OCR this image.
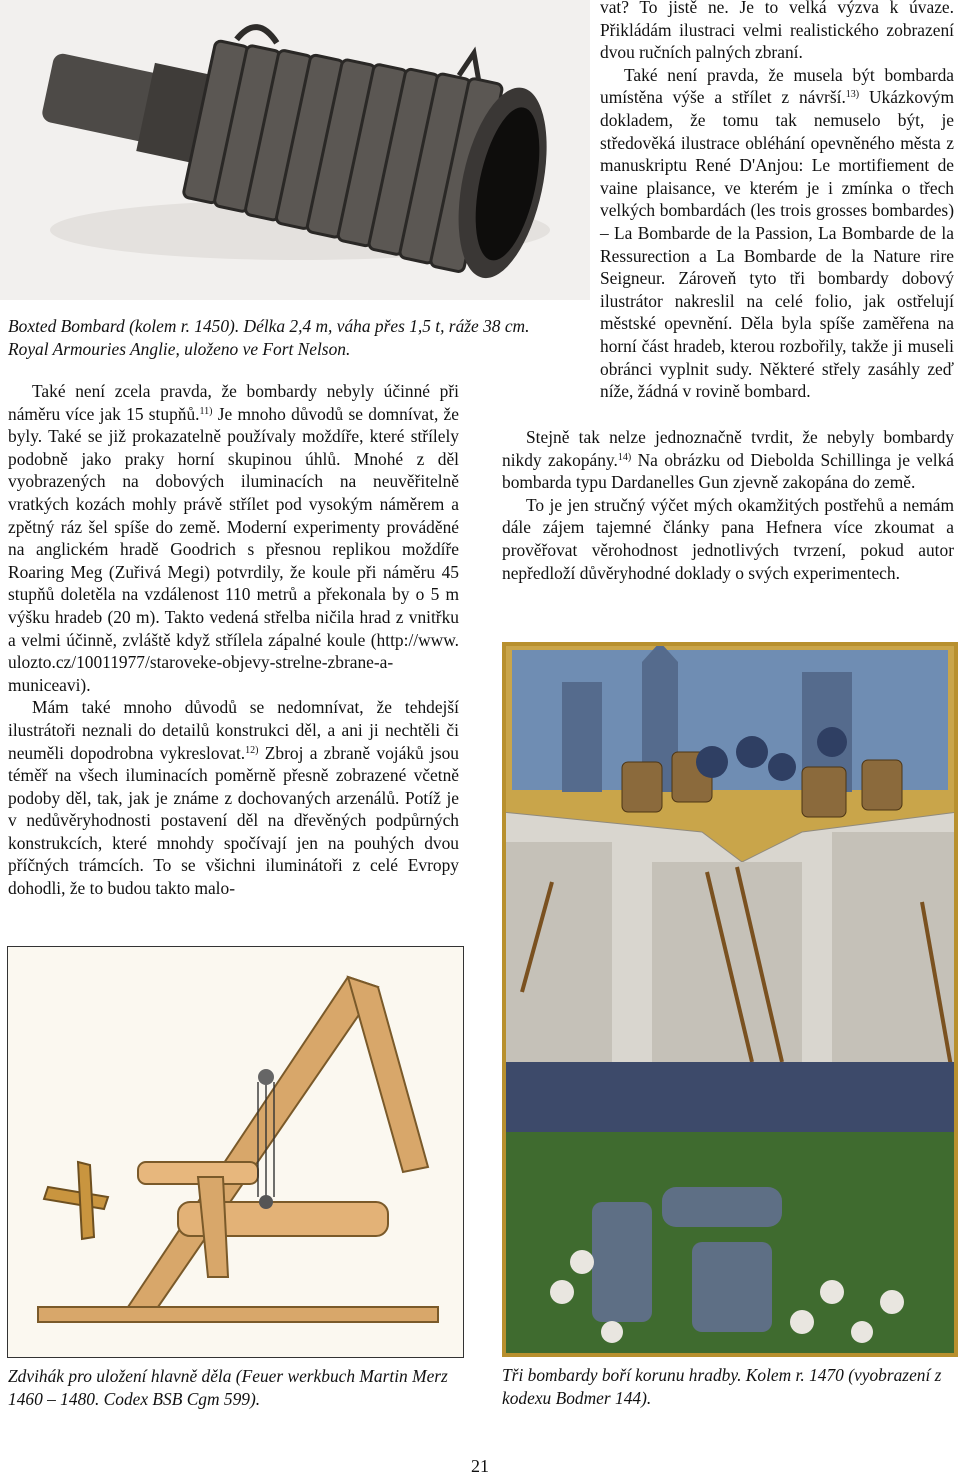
Boxted Bombard (kolem r. 1450). Délka 2,4 m, váha přes 1,5 t, ráže 38 cm.
Royal Armouries Anglie, uloženo ve Fort Nelson.

Také není zcela pravda, že bombardy nebyly účinné při náměru více jak 15 stupňů.$^{11)}$ Je mnoho důvodů se domnívat, že byly. Také se již prokazatelně používaly moždíře, které střílely podobně jako praky horní skupinou úhlů. Mnohé z děl vyobrazených na dobových iluminacích na neuvěřitelně vratkých kozách mohly právě střílet pod vysokým náměrem a zpětný ráz šel spíše do země. Moderní experimenty prováděné na anglickém hradě Goodrich s přesnou replikou moždíře Roaring Meg (Zuřivá Megi) potvrdily, že koule při náměru 45 stupňů doletěla na vzdálenost 110 metrů a překonala by o 5 m výšku hradeb (20 m). Takto vedená střelba ničila hrad z vnitřku a velmi účinně, zvláště když střílela zápalné koule (http://www. ulozto.cz/10011977/staroveke-objevy-strelne-zbrane-a-municeavi).

Mám také mnoho důvodů se nedomnívat, že tehdejší ilustrátoři neznali do detailů konstrukci děl, a ani ji nechtěli či neuměli dopodrobna vykreslovat.$^{12)}$ Zbroj a zbraně vojáků jsou téměř na všech iluminacích poměrně přesně zobrazené včetně podoby děl, tak, jak je známe z dochovaných arzenálů. Potíž je v nedůvěryhodnosti postavení děl na dřevěných podpůrných konstrukcích, které mnohdy spočívají jen na pouhých dvou příčných trámcích. To se všichni iluminátoři z celé Evropy dohodli, že to budou takto malo-

vat? To jistě ne. Je to velká výzva k úvaze. Přikládám ilustraci velmi realistického zobrazení dvou ručních palných zbraní.

Také není pravda, že musela být bombarda umístěna výše a střílet z návrší.$^{13)}$ Ukázkovým dokladem, že tomu tak nemuselo být, je středověká ilustrace obléhání opevněného města z manuskriptu René D'Anjou: Le mortifiement de vaine plaisance, ve kterém je i zmínka o třech velkých bombardách (les trois grosses bombardes) – La Bombarde de la Passion, La Bombarde de la Ressurection a La Bombarde de la Nature rire Seigneur. Zároveň tyto tři bombardy dobový ilustrátor nakreslil na celé folio, jak ostřelují městské opevnění. Děla byla spíše zaměřena na horní část hradeb, kterou rozbořily, takže ji museli obránci vyplnit sudy. Některé střely zasáhly zeď níže, žádná v rovině bombard.

Stejně tak nelze jednoznačně tvrdit, že nebyly bombardy nikdy zakopány.$^{14)}$ Na obrázku od Diebolda Schillinga je velká bombarda typu Dardanelles Gun zjevně zakopána do země.

To je jen stručný výčet mých okamžitých postřehů a nemám dále zájem tajemné články pana Hefnera více zkoumat a prověřovat věrohodnost jednotlivých tvrzení, pokud autor nepředloží důvěryhodné doklady o svých experimentech.

Zdvihák pro uložení hlavně děla (Feuer werkbuch Martin Merz 1460 – 1480. Codex BSB Cgm 599).
Tři bombardy boří korunu hradby. Kolem r. 1470 (vyobrazení z kodexu Bodmer 144).
21
